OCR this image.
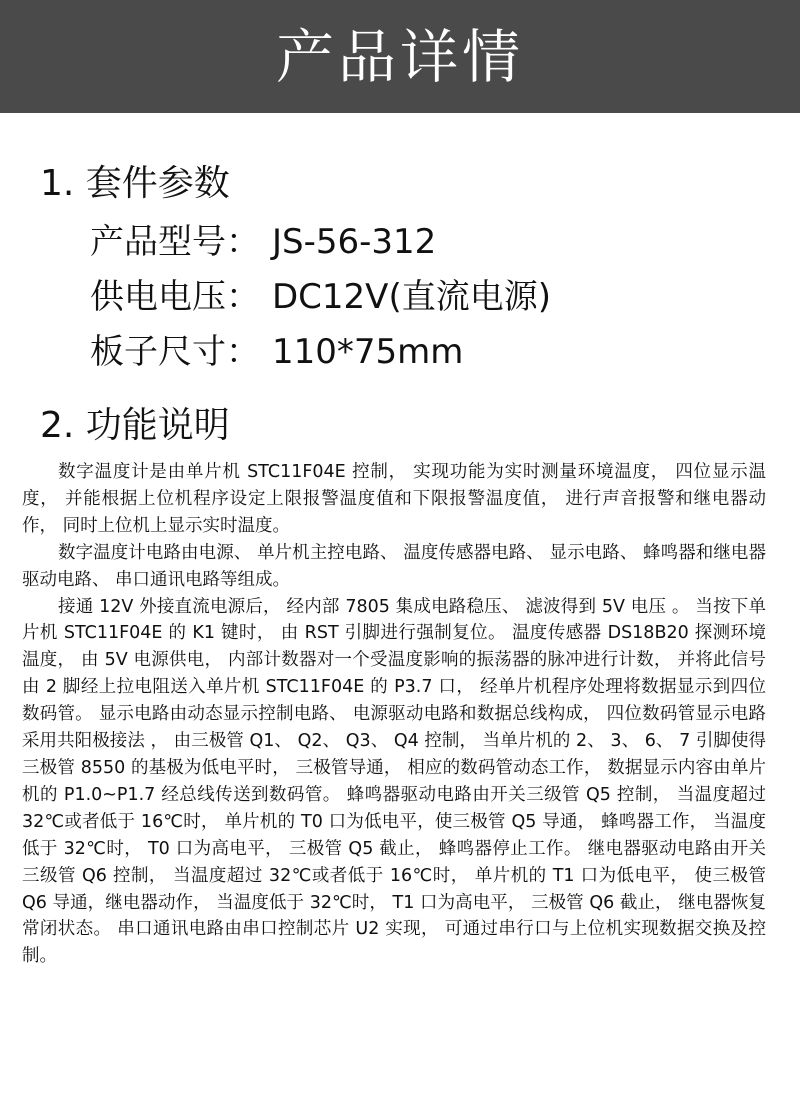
产品详情
1. 套件参数
产品型号： JS-56-312
供电电压： DC12V(直流电源)
板子尺寸： 110*75mm
2. 功能说明

数字温度计是由单片机 STC11F04E 控制， 实现功能为实时测量环境温度， 四位显示温度， 并能根据上位机程序设定上限报警温度值和下限报警温度值， 进行声音报警和继电器动作， 同时上位机上显示实时温度。

数字温度计电路由电源、 单片机主控电路、 温度传感器电路、 显示电路、 蜂鸣器和继电器驱动电路、 串口通讯电路等组成。

接通 12V 外接直流电源后， 经内部 7805 集成电路稳压、 滤波得到 5V 电压 。 当按下单片机 STC11F04E 的 K1 键时， 由 RST 引脚进行强制复位。 温度传感器 DS18B20 探测环境温度， 由 5V 电源供电， 内部计数器对一个受温度影响的振荡器的脉冲进行计数， 并将此信号由 2 脚经上拉电阻送入单片机 STC11F04E 的 P3.7 口， 经单片机程序处理将数据显示到四位数码管。 显示电路由动态显示控制电路、 电源驱动电路和数据总线构成， 四位数码管显示电路采用共阳极接法 ， 由三极管 Q1、 Q2、 Q3、 Q4 控制， 当单片机的 2、 3、 6、 7 引脚使得三极管 8550 的基极为低电平时， 三极管导通， 相应的数码管动态工作， 数据显示内容由单片机的 P1.0~P1.7 经总线传送到数码管。 蜂鸣器驱动电路由开关三级管 Q5 控制， 当温度超过 32℃或者低于 16℃时， 单片机的 T0 口为低电平，使三极管 Q5 导通， 蜂鸣器工作， 当温度低于 32℃时， T0 口为高电平， 三极管 Q5 截止， 蜂鸣器停止工作。 继电器驱动电路由开关三级管 Q6 控制， 当温度超过 32℃或者低于 16℃时， 单片机的 T1 口为低电平， 使三极管 Q6 导通，继电器动作， 当温度低于 32℃时， T1 口为高电平， 三极管 Q6 截止， 继电器恢复常闭状态。 串口通讯电路由串口控制芯片 U2 实现， 可通过串行口与上位机实现数据交换及控制。
